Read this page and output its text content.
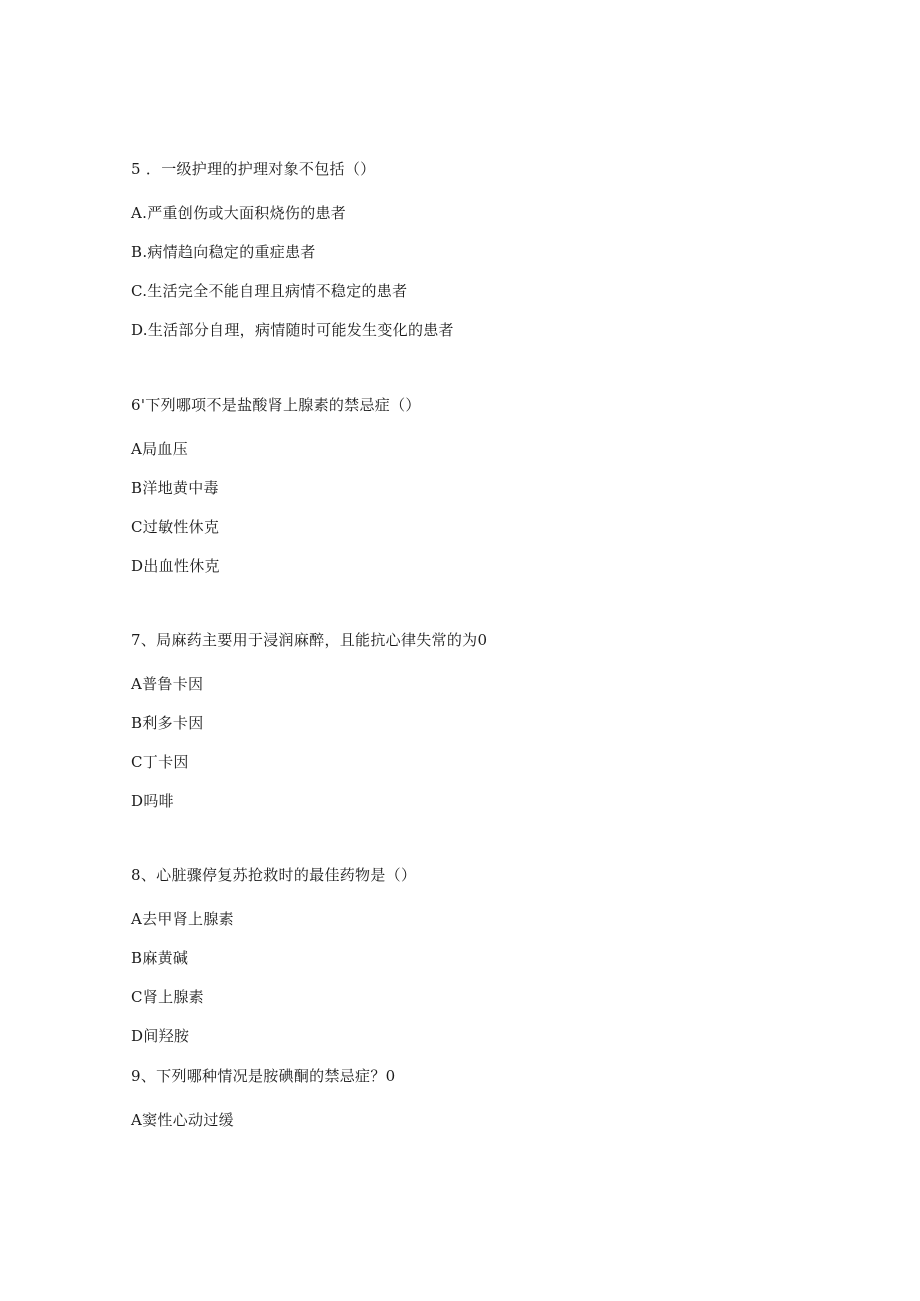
5 ．一级护理的护理对象不包括（）
A.严重创伤或大面积烧伤的患者
B.病情趋向稳定的重症患者
C.生活完全不能自理且病情不稳定的患者
D.生活部分自理，病情随时可能发生变化的患者
6'下列哪项不是盐酸肾上腺素的禁忌症（）
A局血压
B洋地黄中毒
C过敏性休克
D出血性休克
7、局麻药主要用于浸润麻醉，且能抗心律失常的为0
A普鲁卡因
B利多卡因
C丁卡因
D吗啡
8、心脏骤停复苏抢救时的最佳药物是（）
A去甲肾上腺素
B麻黄碱
C肾上腺素
D间羟胺
9、下列哪种情况是胺碘酮的禁忌症？0
A窦性心动过缓
